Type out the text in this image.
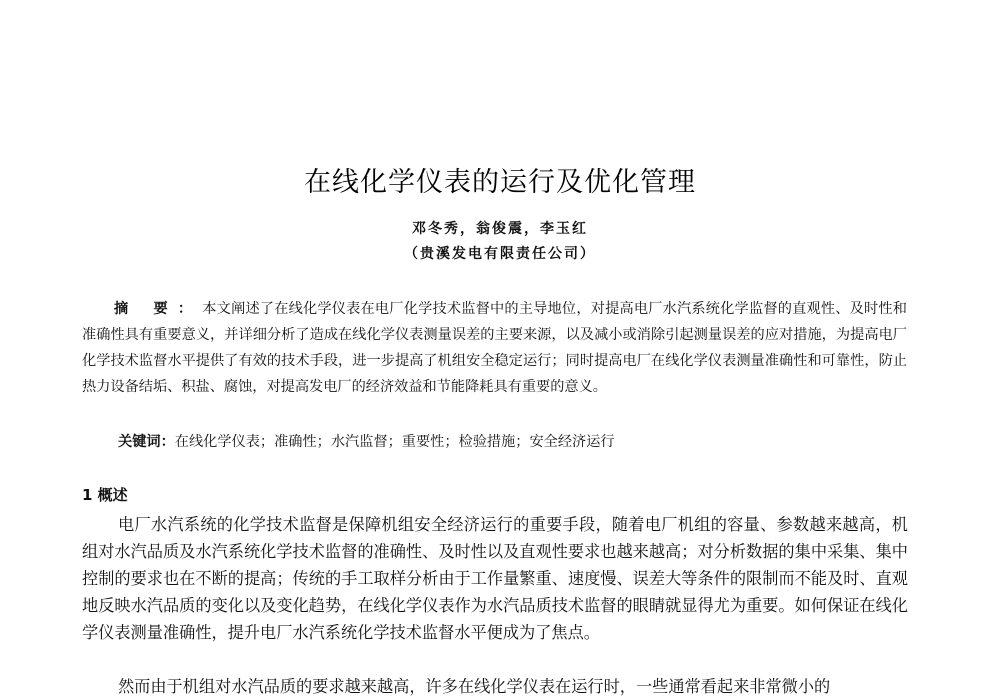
在线化学仪表的运行及优化管理
邓冬秀，翁俊震，李玉红
（贵溪发电有限责任公司）

摘 要：本文阐述了在线化学仪表在电厂化学技术监督中的主导地位，对提高电厂水汽系统化学监督的直观性、及时性和准确性具有重要意义，并详细分析了造成在线化学仪表测量误差的主要来源，以及减小或消除引起测量误差的应对措施，为提高电厂化学技术监督水平提供了有效的技术手段，进一步提高了机组安全稳定运行；同时提高电厂在线化学仪表测量准确性和可靠性，防止热力设备结垢、积盐、腐蚀，对提高发电厂的经济效益和节能降耗具有重要的意义。

关键词：在线化学仪表；准确性；水汽监督；重要性；检验措施；安全经济运行

1 概述

电厂水汽系统的化学技术监督是保障机组安全经济运行的重要手段，随着电厂机组的容量、参数越来越高，机组对水汽品质及水汽系统化学技术监督的准确性、及时性以及直观性要求也越来越高；对分析数据的集中采集、集中控制的要求也在不断的提高；传统的手工取样分析由于工作量繁重、速度慢、误差大等条件的限制而不能及时、直观地反映水汽品质的变化以及变化趋势，在线化学仪表作为水汽品质技术监督的眼睛就显得尤为重要。如何保证在线化学仪表测量准确性，提升电厂水汽系统化学技术监督水平便成为了焦点。

然而由于机组对水汽品质的要求越来越高，许多在线化学仪表在运行时，一些通常看起来非常微小的
